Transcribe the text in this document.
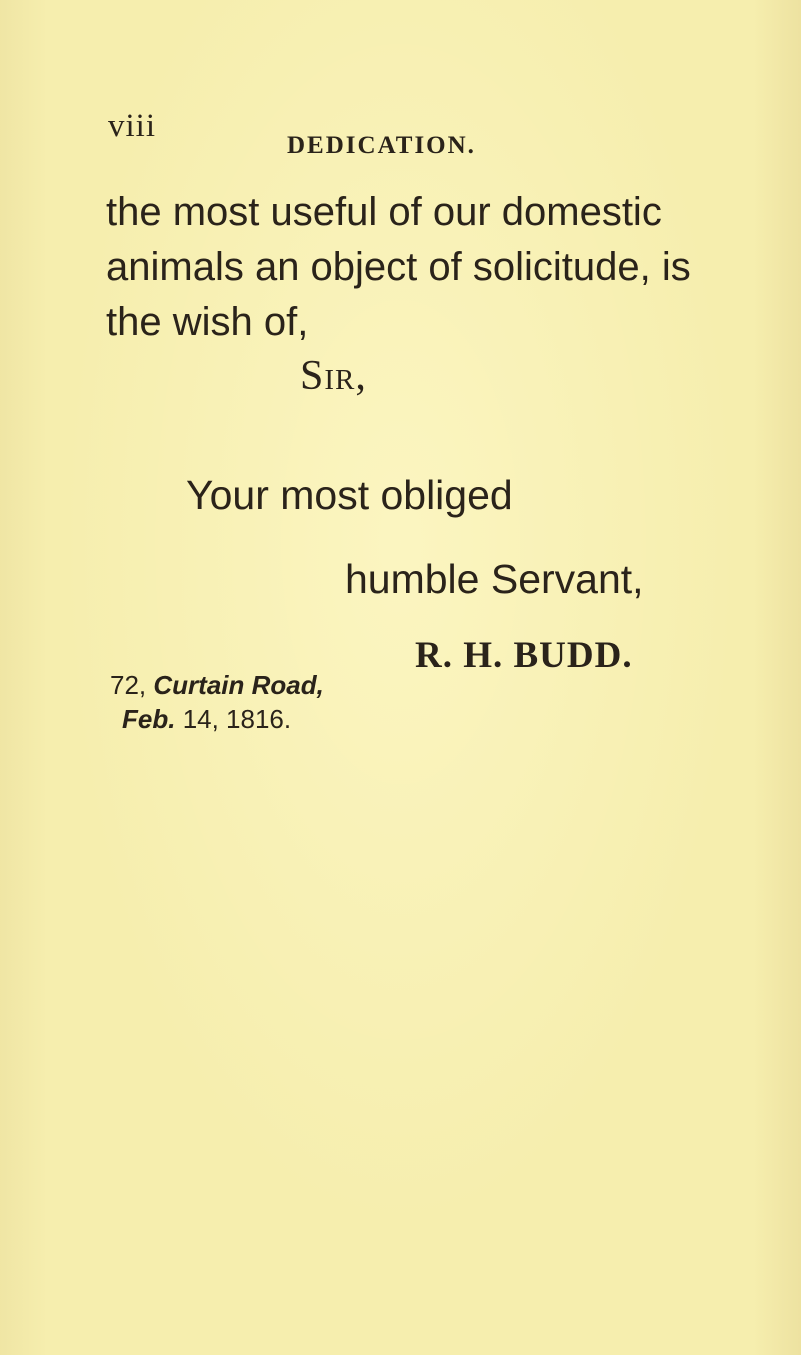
viii
DEDICATION.
the most useful of our domestic
animals an object of solicitude, is
the wish of,
Sir,
Your most obliged
humble Servant,
R. H. BUDD.
72, Curtain Road,
Feb. 14, 1816.
